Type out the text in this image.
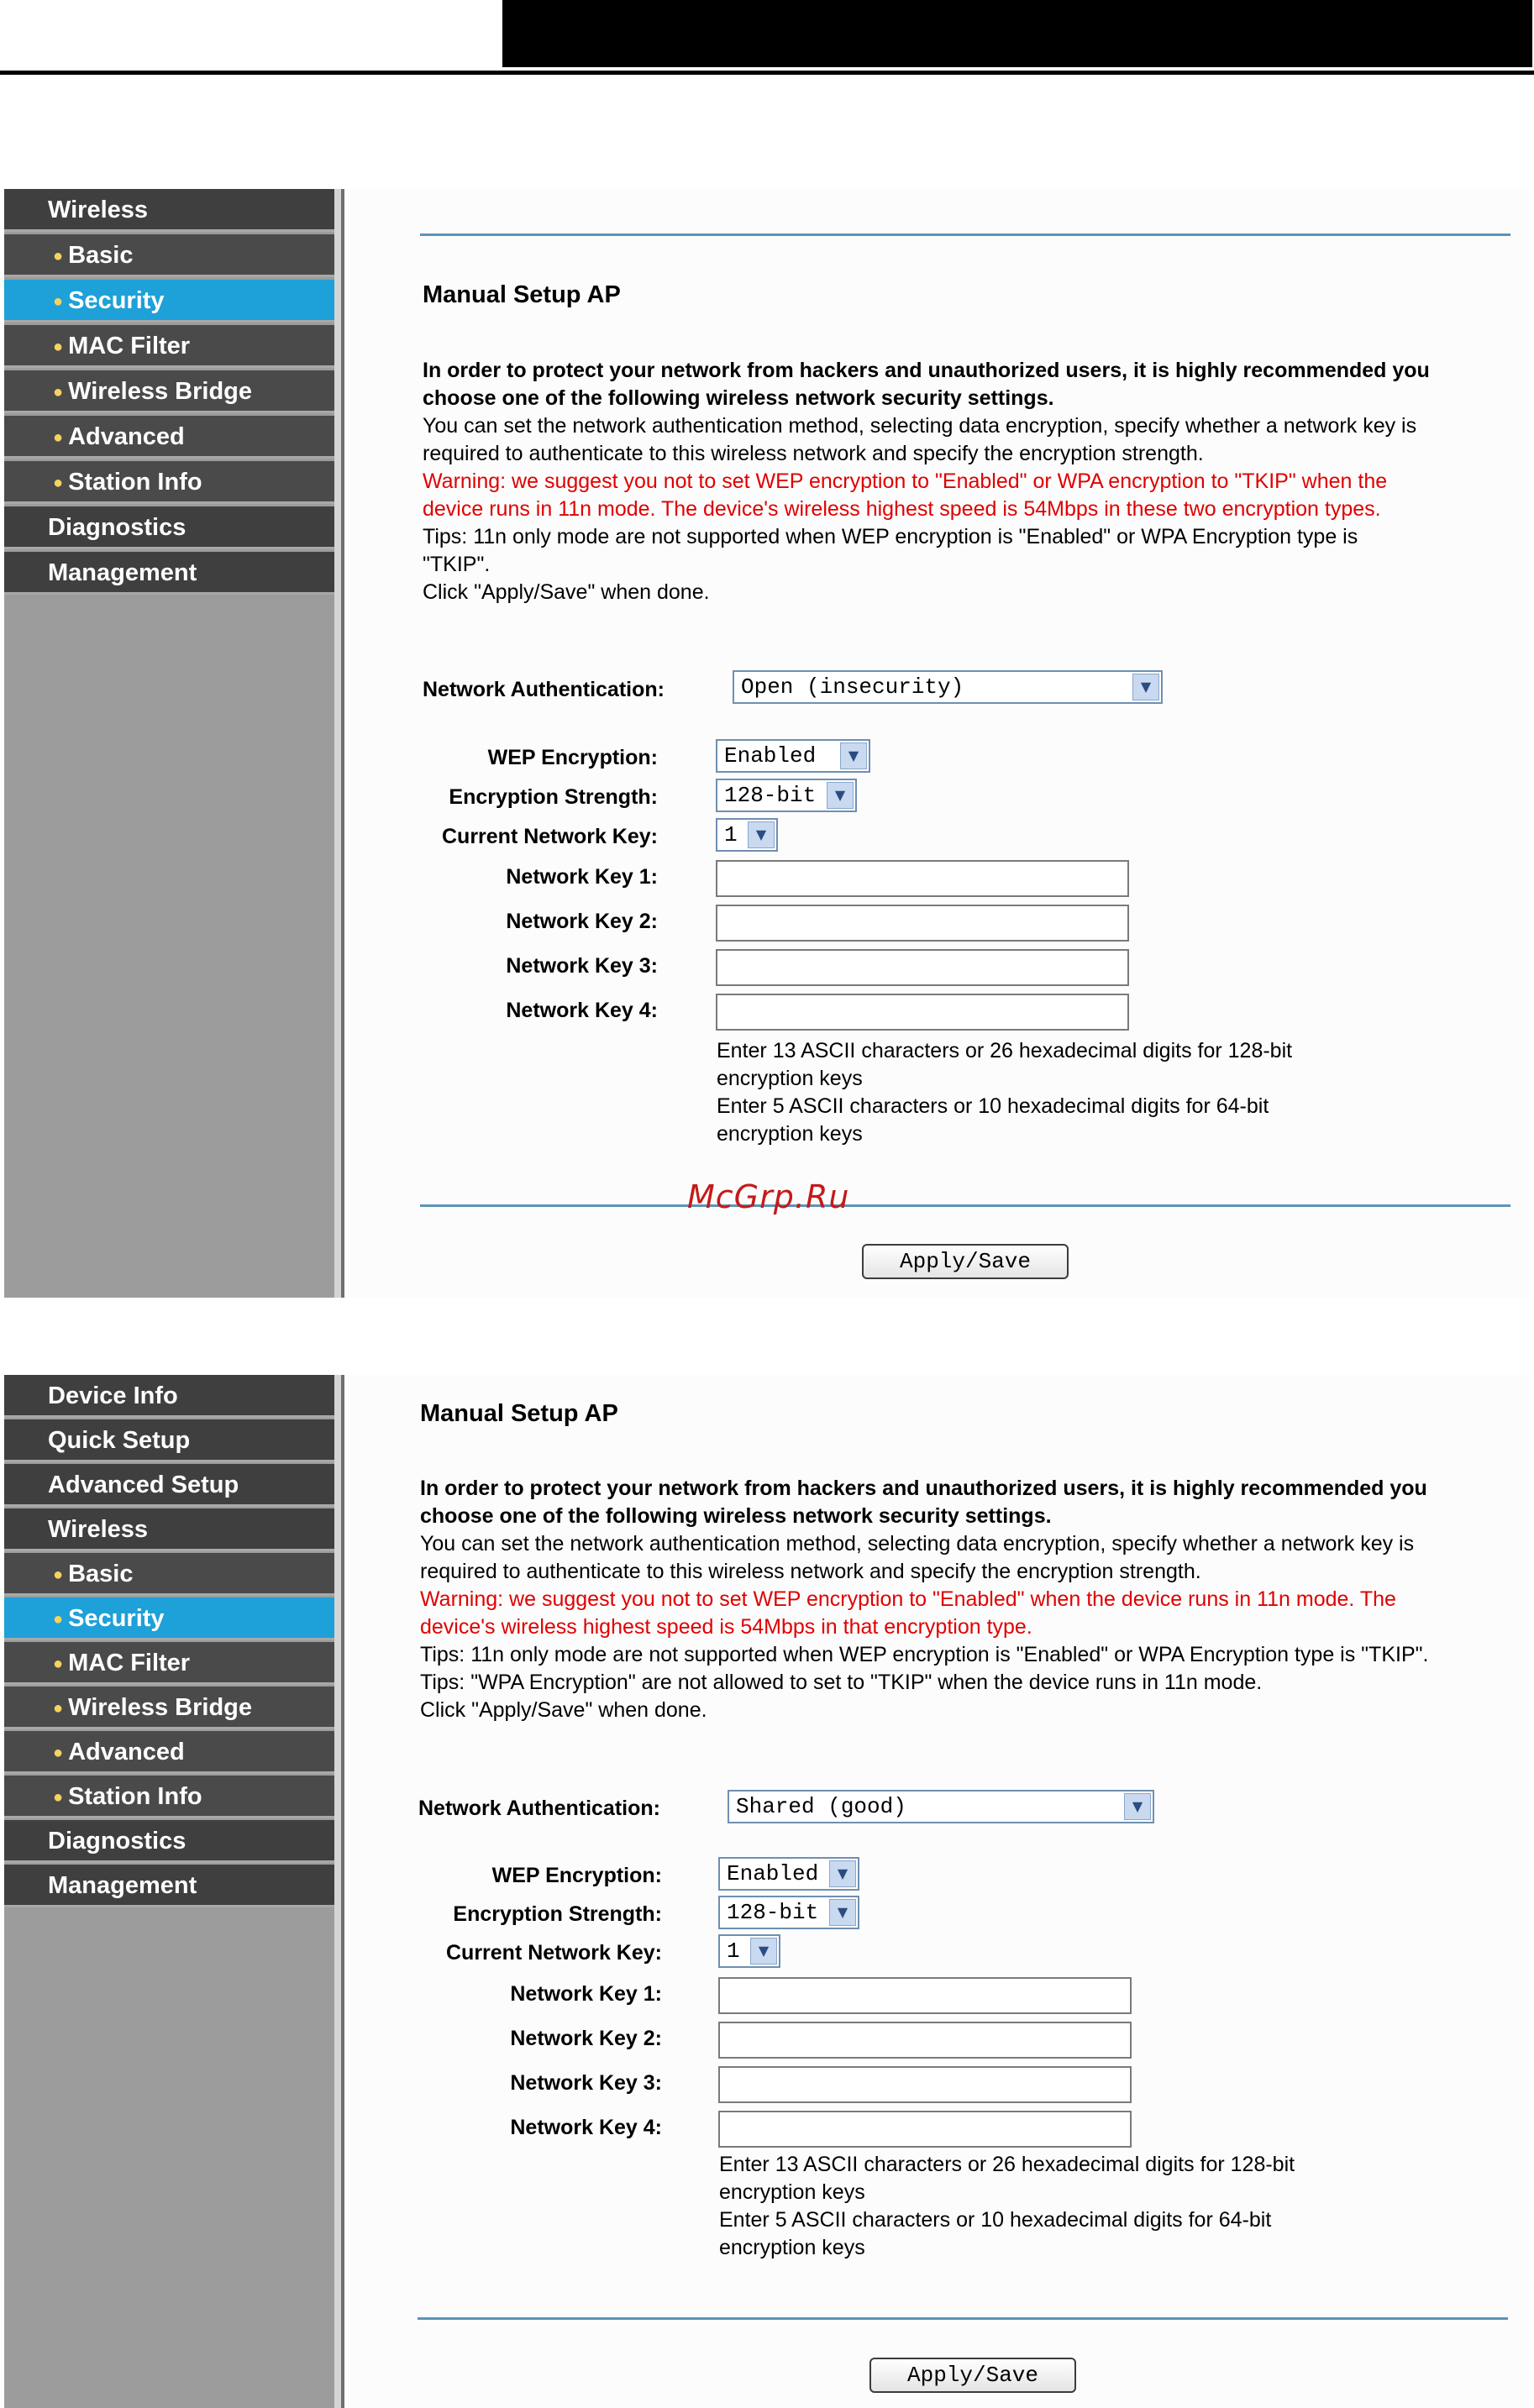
Wireless
● Basic
● Security
● MAC Filter
● Wireless Bridge
● Advanced
● Station Info
Diagnostics
Management
Manual Setup AP
In order to protect your network from hackers and unauthorized users, it is highly recommended you
choose one of the following wireless network security settings.
You can set the network authentication method, selecting data encryption, specify whether a network key is
required to authenticate to this wireless network and specify the encryption strength.
Warning: we suggest you not to set WEP encryption to "Enabled" or WPA encryption to "TKIP" when the
device runs in 11n mode. The device's wireless highest speed is 54Mbps in these two encryption types.
Tips: 11n only mode are not supported when WEP encryption is "Enabled" or WPA Encryption type is
"TKIP".
Click "Apply/Save" when done.
Network Authentication:	Open (insecurity)	▼
WEP Encryption:	Enabled	▼
Encryption Strength:	128-bit	▼
Current Network Key:	1	▼
Network Key 1:
Network Key 2:
Network Key 3:
Network Key 4:
Enter 13 ASCII characters or 26 hexadecimal digits for 128-bit
encryption keys
Enter 5 ASCII characters or 10 hexadecimal digits for 64-bit
encryption keys
Apply/Save
McGrp.Ru
Device Info
Quick Setup
Advanced Setup
Wireless
● Basic
● Security
● MAC Filter
● Wireless Bridge
● Advanced
● Station Info
Diagnostics
Management
Manual Setup AP
In order to protect your network from hackers and unauthorized users, it is highly recommended you
choose one of the following wireless network security settings.
You can set the network authentication method, selecting data encryption, specify whether a network key is
required to authenticate to this wireless network and specify the encryption strength.
Warning: we suggest you not to set WEP encryption to "Enabled" when the device runs in 11n mode. The
device's wireless highest speed is 54Mbps in that encryption type.
Tips: 11n only mode are not supported when WEP encryption is "Enabled" or WPA Encryption type is "TKIP".
Tips: "WPA Encryption" are not allowed to set to "TKIP" when the device runs in 11n mode.
Click "Apply/Save" when done.
Network Authentication:	Shared (good)	▼
WEP Encryption:	Enabled	▼
Encryption Strength:	128-bit	▼
Current Network Key:	1	▼
Network Key 1:
Network Key 2:
Network Key 3:
Network Key 4:
Enter 13 ASCII characters or 26 hexadecimal digits for 128-bit
encryption keys
Enter 5 ASCII characters or 10 hexadecimal digits for 64-bit
encryption keys
Apply/Save
